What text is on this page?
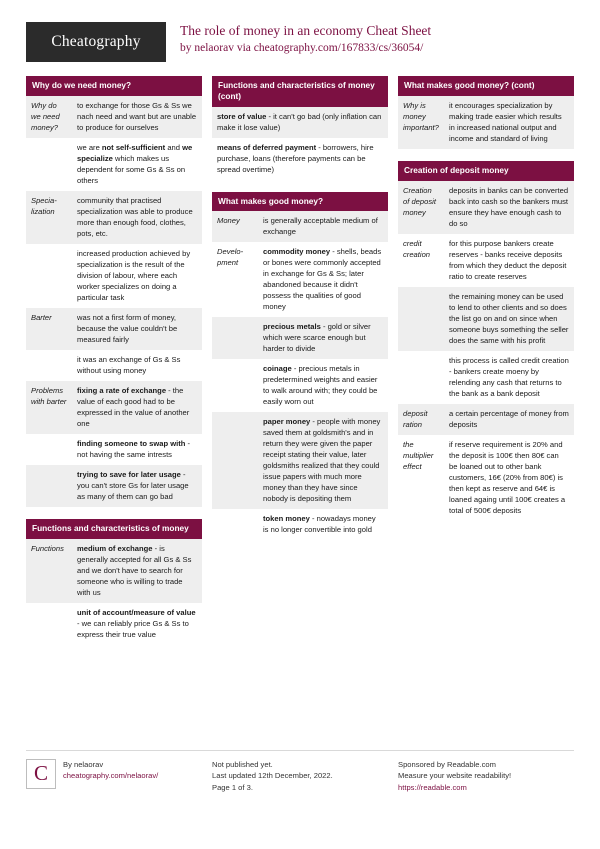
Cheatography
The role of money in an economy Cheat Sheet
by nelaorav via cheatography.com/167833/cs/36054/
Why do we need money?
Why do we need money?	to exchange for those Gs & Ss we nach need and want but are unable to produce for ourselves
	we are not self-sufficient and we specialize which makes us dependent for some Gs & Ss on others
Specialization	community that practised specialization was able to produce more than enough food, clothes, pots, etc.
	increased production achieved by specialization is the result of the division of labour, where each worker specializes on doing a particular task
Barter	was not a first form of money, because the value couldn't be measured fairly
	it was an exchange of Gs & Ss without using money
Problems with barter	fixing a rate of exchange - the value of each good had to be expressed in the value of another one
	finding someone to swap with - not having the same intrests
	trying to save for later usage - you can't store Gs for later usage as many of them can go bad
Functions and characteristics of money
Functions	medium of exchange - is generally accepted for all Gs & Ss and we don't have to search for someone who is willing to trade with us
	unit of account/measure of value - we can reliably price Gs & Ss to express their true value
Functions and characteristics of money (cont)
store of value - it can't go bad (only inflation can make it lose value)
means of deferred payment - borrowers, hire purchase, loans (therefore payments can be spread overtime)
What makes good money?
Money	is generally acceptable medium of exchange
Development	commodity money - shells, beads or bones were commonly accepted in exchange for Gs & Ss; later abandoned because it didn't possess the qualities of good money
	precious metals - gold or silver which were scarce enough but harder to divide
	coinage - precious metals in predetermined weights and easier to walk around with; they could be easily worn out
	paper money - people with money saved them at goldsmith's and in return they were given the paper receipt stating their value, later goldsmiths realized that they could issue papers with much more money than they have since nobody is depositing them
	token money - nowadays money is no longer convertible into gold
What makes good money? (cont)
Why is money important?	it encourages specialization by making trade easier which results in increased national output and income and standard of living
Creation of deposit money
Creation of deposit money	deposits in banks can be converted back into cash so the bankers must ensure they have enough cash to do so
credit creation	for this purpose bankers create reserves - banks receive deposits from which they deduct the deposit ratio to create reserves
	the remaining money can be used to lend to other clients and so does the list go on and on since when someone buys something the seller does the same with his profit
	this process is called credit creation - bankers create moeny by relending any cash that returns to the bank as a bank deposit
deposit ration	a certain percentage of money from deposits
the multiplier effect	if reserve requirement is 20% and the deposit is 100€ then 80€ can be loaned out to other bank customers, 16€ (20% from 80€) is then kept as reserve and 64€ is loaned againg until 100€ creates a total of 500€ deposits
C	By nelaorav
cheatography.com/nelaorav/
Not published yet.
Last updated 12th December, 2022.
Page 1 of 3.
Sponsored by Readable.com
Measure your website readability!
https://readable.com
